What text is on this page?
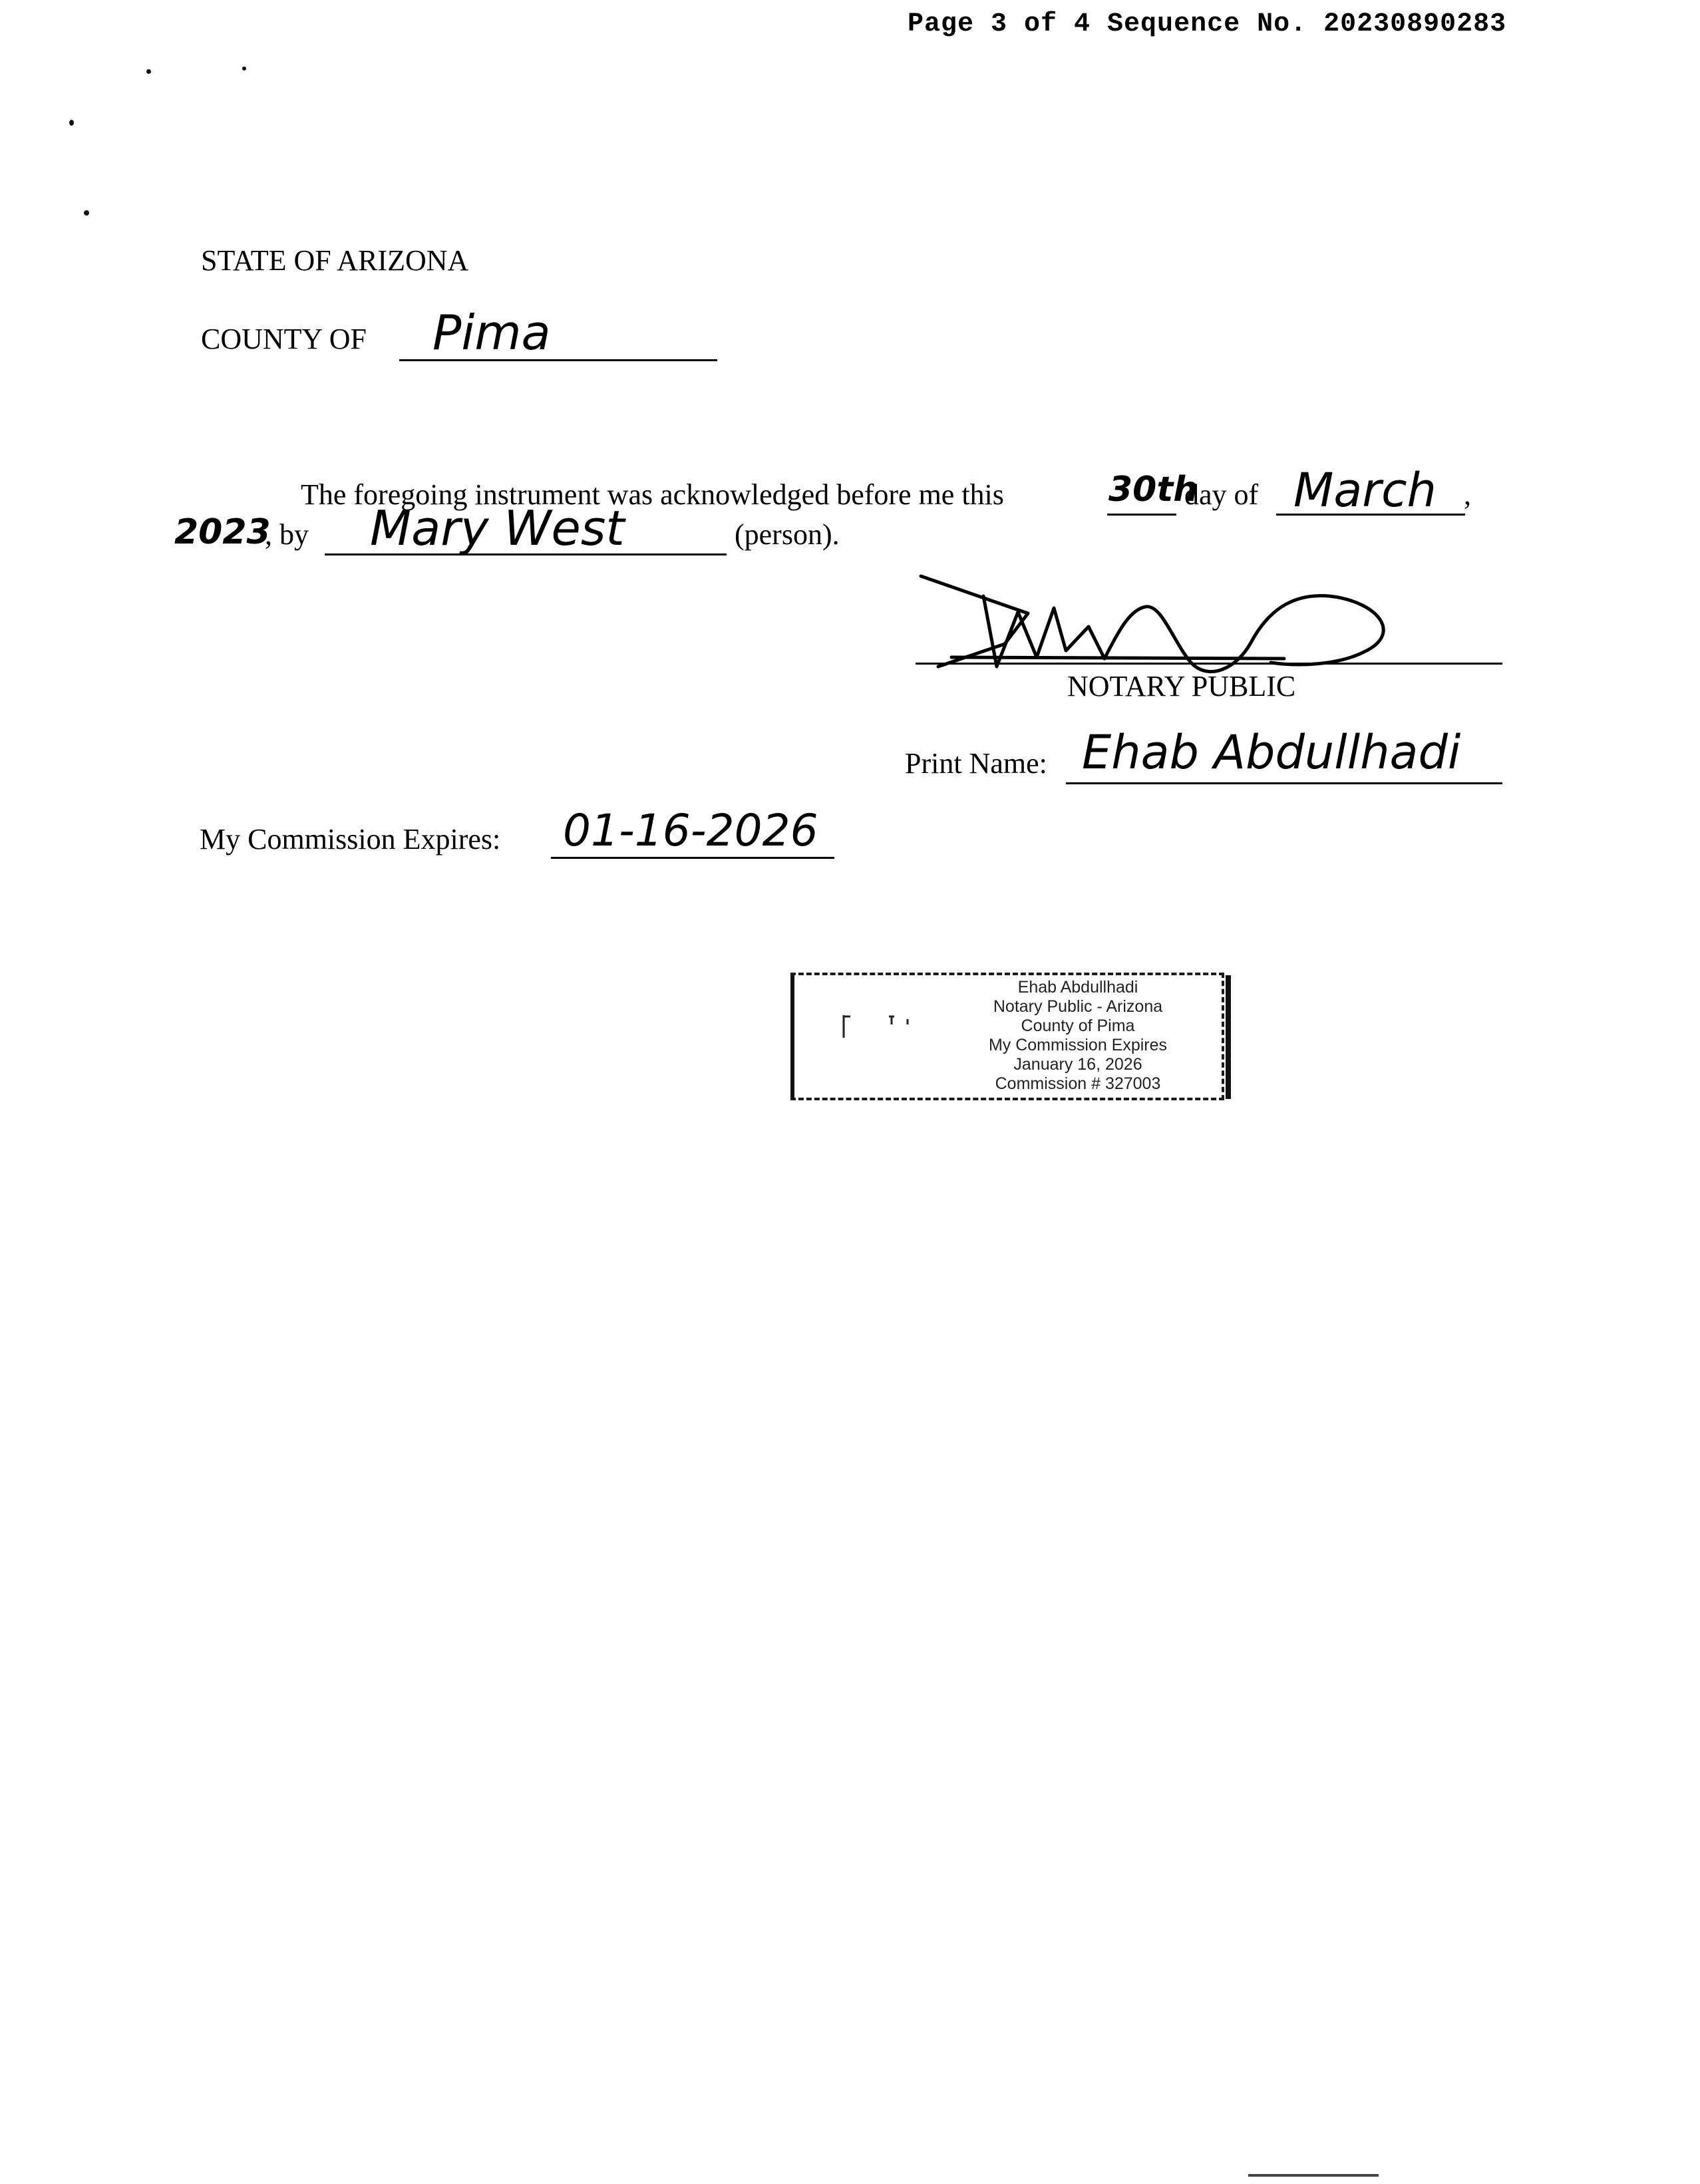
Page 3 of 4 Sequence No. 20230890283
STATE OF ARIZONA
COUNTY OF Pima
The foregoing instrument was acknowledged before me this	30th
day of March ,
2023
, by Mary West	(person).
NOTARY PUBLIC
Print Name: Ehab Abdullhadi
My Commission Expires: 01-16-2026
Ehab Abdullhadi
Notary Public - Arizona
County of Pima
My Commission Expires
January 16, 2026
Commission # 327003
